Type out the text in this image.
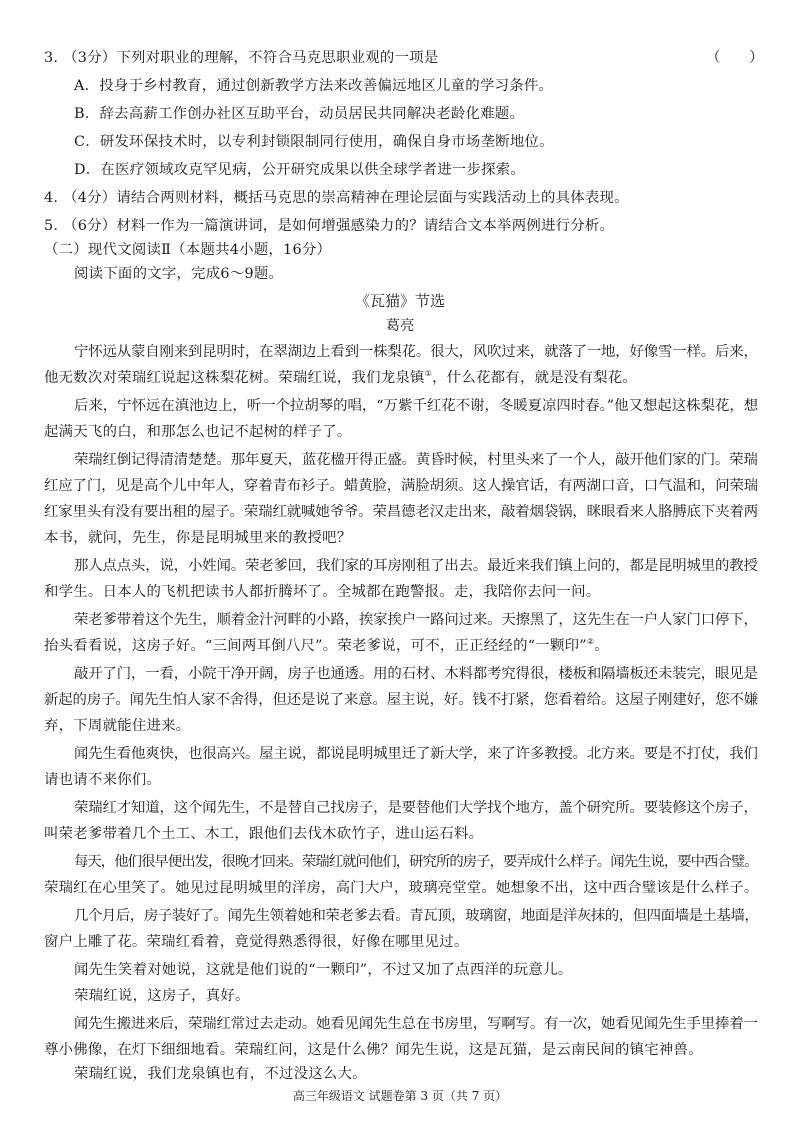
3. （3分）下列对职业的理解，不符合马克思职业观的一项是	（　　）
A．投身于乡村教育，通过创新教学方法来改善偏远地区儿童的学习条件。
B．辞去高薪工作创办社区互助平台，动员居民共同解决老龄化难题。
C．研发环保技术时，以专利封锁限制同行使用，确保自身市场垄断地位。
D．在医疗领域攻克罕见病，公开研究成果以供全球学者进一步探索。
4. （4分）请结合两则材料，概括马克思的崇高精神在理论层面与实践活动上的具体表现。
5. （6分）材料一作为一篇演讲词，是如何增强感染力的？请结合文本举两例进行分析。
（二）现代文阅读Ⅱ（本题共4小题，16分）
阅读下面的文字，完成6～9题。
《瓦猫》节选
葛亮
宁怀远从蒙自刚来到昆明时，在翠湖边上看到一株梨花。很大，风吹过来，就落了一地，好像雪一样。后来，
他无数次对荣瑞红说起这株梨花树。荣瑞红说，我们龙泉镇①，什么花都有，就是没有梨花。
后来，宁怀远在滇池边上，听一个拉胡琴的唱，“万紫千红花不谢，冬暖夏凉四时春。”他又想起这株梨花，想
起满天飞的白，和那怎么也记不起树的样子了。
荣瑞红倒记得清清楚楚。那年夏天，蓝花楹开得正盛。黄昏时候，村里头来了一个人，敲开他们家的门。荣瑞
红应了门，见是高个儿中年人，穿着青布衫子。蜡黄脸，满脸胡须。这人操官话，有两湖口音，口气温和，问荣瑞
红家里头有没有要出租的屋子。荣瑞红就喊她爷爷。荣昌德老汉走出来，敲着烟袋锅，眯眼看来人胳膊底下夹着两
本书，就问，先生，你是昆明城里来的教授吧？
那人点点头，说，小姓闻。荣老爹回，我们家的耳房刚租了出去。最近来我们镇上问的，都是昆明城里的教授
和学生。日本人的飞机把读书人都折腾坏了。全城都在跑警报。走，我陪你去问一问。
荣老爹带着这个先生，顺着金汁河畔的小路，挨家挨户一路问过来。天擦黑了，这先生在一户人家门口停下，
抬头看看说，这房子好。“三间两耳倒八尺”。荣老爹说，可不，正正经经的“一颗印”②。
敲开了门，一看，小院干净开阔，房子也通透。用的石材、木料都考究得很，楼板和隔墙板还未装完，眼见是
新起的房子。闻先生怕人家不舍得，但还是说了来意。屋主说，好。钱不打紧，您看着给。这屋子刚建好，您不嫌
弃，下周就能住进来。
闻先生看他爽快，也很高兴。屋主说，都说昆明城里迁了新大学，来了许多教授。北方来。要是不打仗，我们
请也请不来你们。
荣瑞红才知道，这个闻先生，不是替自己找房子，是要替他们大学找个地方，盖个研究所。要装修这个房子，
叫荣老爹带着几个土工、木工，跟他们去伐木砍竹子，进山运石料。
每天，他们很早便出发，很晚才回来。荣瑞红就问他们，研究所的房子，要弄成什么样子。闻先生说，要中西合璧。
荣瑞红在心里笑了。她见过昆明城里的洋房，高门大户，玻璃亮堂堂。她想象不出，这中西合璧该是什么样子。
几个月后，房子装好了。闻先生领着她和荣老爹去看。青瓦顶，玻璃窗，地面是洋灰抹的，但四面墙是土基墙，
窗户上雕了花。荣瑞红看着，竟觉得熟悉得很，好像在哪里见过。
闻先生笑着对她说，这就是他们说的“一颗印”，不过又加了点西洋的玩意儿。
荣瑞红说，这房子，真好。
闻先生搬进来后，荣瑞红常过去走动。她看见闻先生总在书房里，写啊写。有一次，她看见闻先生手里捧着一
尊小佛像，在灯下细细地看。荣瑞红问，这是什么佛？闻先生说，这是瓦猫，是云南民间的镇宅神兽。
荣瑞红说，我们龙泉镇也有，不过没这么大。
高三年级语文 试题卷第 3 页（共 7 页）
